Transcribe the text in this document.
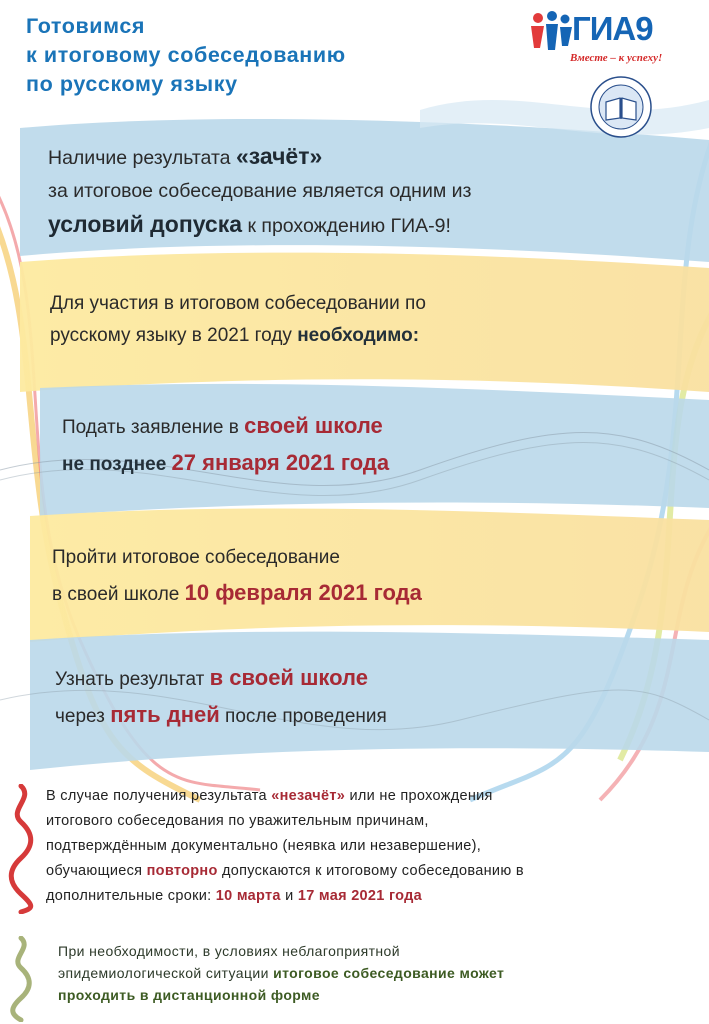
Готовимся
к итоговому собеседованию
по русскому языку
ГИА9
Вместе – к успеху!
Наличие результата «зачёт»
за итоговое собеседование является одним из
условий допуска к прохождению ГИА-9!
Для участия в итоговом собеседовании по
русскому языку в 2021 году необходимо:
Подать заявление в своей школе
не позднее 27 января 2021 года
Пройти итоговое собеседование
в своей школе 10 февраля 2021 года
Узнать результат в своей школе
через пять дней после проведения
В случае получения результата «незачёт» или не прохождения
итогового собеседования по уважительным причинам,
подтверждённым документально (неявка или незавершение),
обучающиеся повторно допускаются к итоговому собеседованию в
дополнительные сроки: 10 марта и 17 мая 2021 года
При необходимости, в условиях неблагоприятной
эпидемиологической ситуации итоговое собеседование может
проходить в дистанционной форме
